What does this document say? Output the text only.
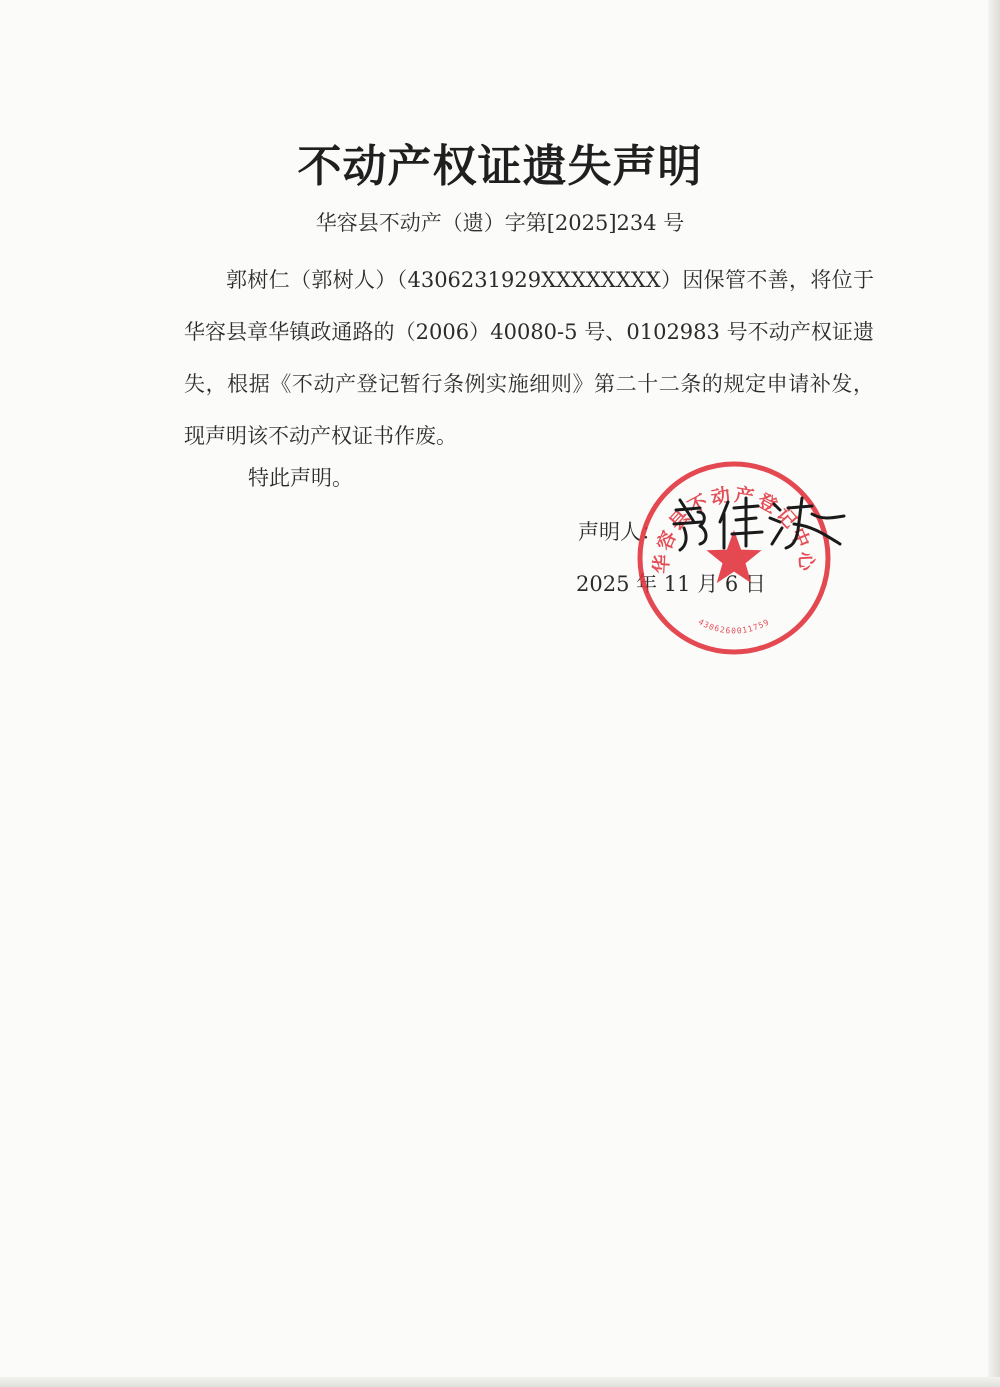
不动产权证遗失声明
华容县不动产（遗）字第[2025]234 号

郭树仁（郭树人）（4306231929XXXXXXXX）因保管不善，将位于华容县章华镇政通路的（2006）40080-5 号、0102983 号不动产权证遗失，根据《不动产登记暂行条例实施细则》第二十二条的规定申请补发，现声明该不动产权证书作废。

特此声明。
声明人：
2025 年 11 月 6 日
华容县不动产登记中心
4306260011759
